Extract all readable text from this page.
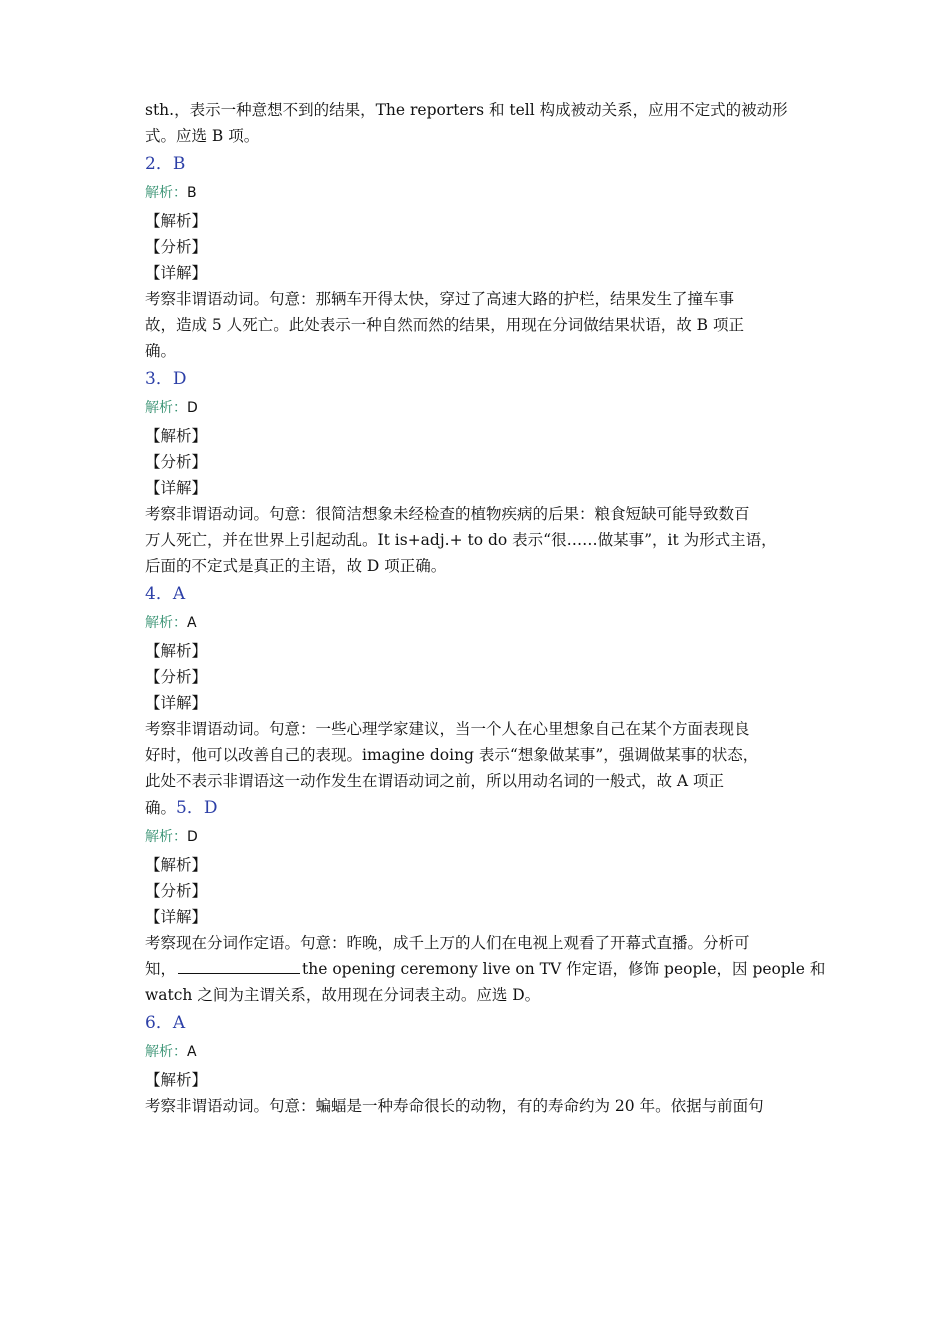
sth.，表示一种意想不到的结果，The reporters 和 tell 构成被动关系，应用不定式的被动形
式。应选 B 项。
2．B
解析：B
【解析】
【分析】
【详解】
考察非谓语动词。句意：那辆车开得太快，穿过了高速大路的护栏，结果发生了撞车事
故，造成 5 人死亡。此处表示一种自然而然的结果，用现在分词做结果状语，故 B 项正
确。
3．D
解析：D
【解析】
【分析】
【详解】
考察非谓语动词。句意：很简洁想象未经检查的植物疾病的后果：粮食短缺可能导致数百
万人死亡，并在世界上引起动乱。It is+adj.+ to do 表示“很……做某事”，it 为形式主语，
后面的不定式是真正的主语，故 D 项正确。
4．A
解析：A
【解析】
【分析】
【详解】
考察非谓语动词。句意：一些心理学家建议，当一个人在心里想象自己在某个方面表现良
好时，他可以改善自己的表现。imagine doing 表示“想象做某事”，强调做某事的状态，
此处不表示非谓语这一动作发生在谓语动词之前，所以用动名词的一般式，故 A 项正
确。5．D
解析：D
【解析】
【分析】
【详解】
考察现在分词作定语。句意：昨晚，成千上万的人们在电视上观看了开幕式直播。分析可
知，	the opening ceremony live on TV 作定语，修饰 people，因 people 和
watch 之间为主谓关系，故用现在分词表主动。应选 D。
6．A
解析：A
【解析】
考察非谓语动词。句意：蝙蝠是一种寿命很长的动物，有的寿命约为 20 年。依据与前面句
